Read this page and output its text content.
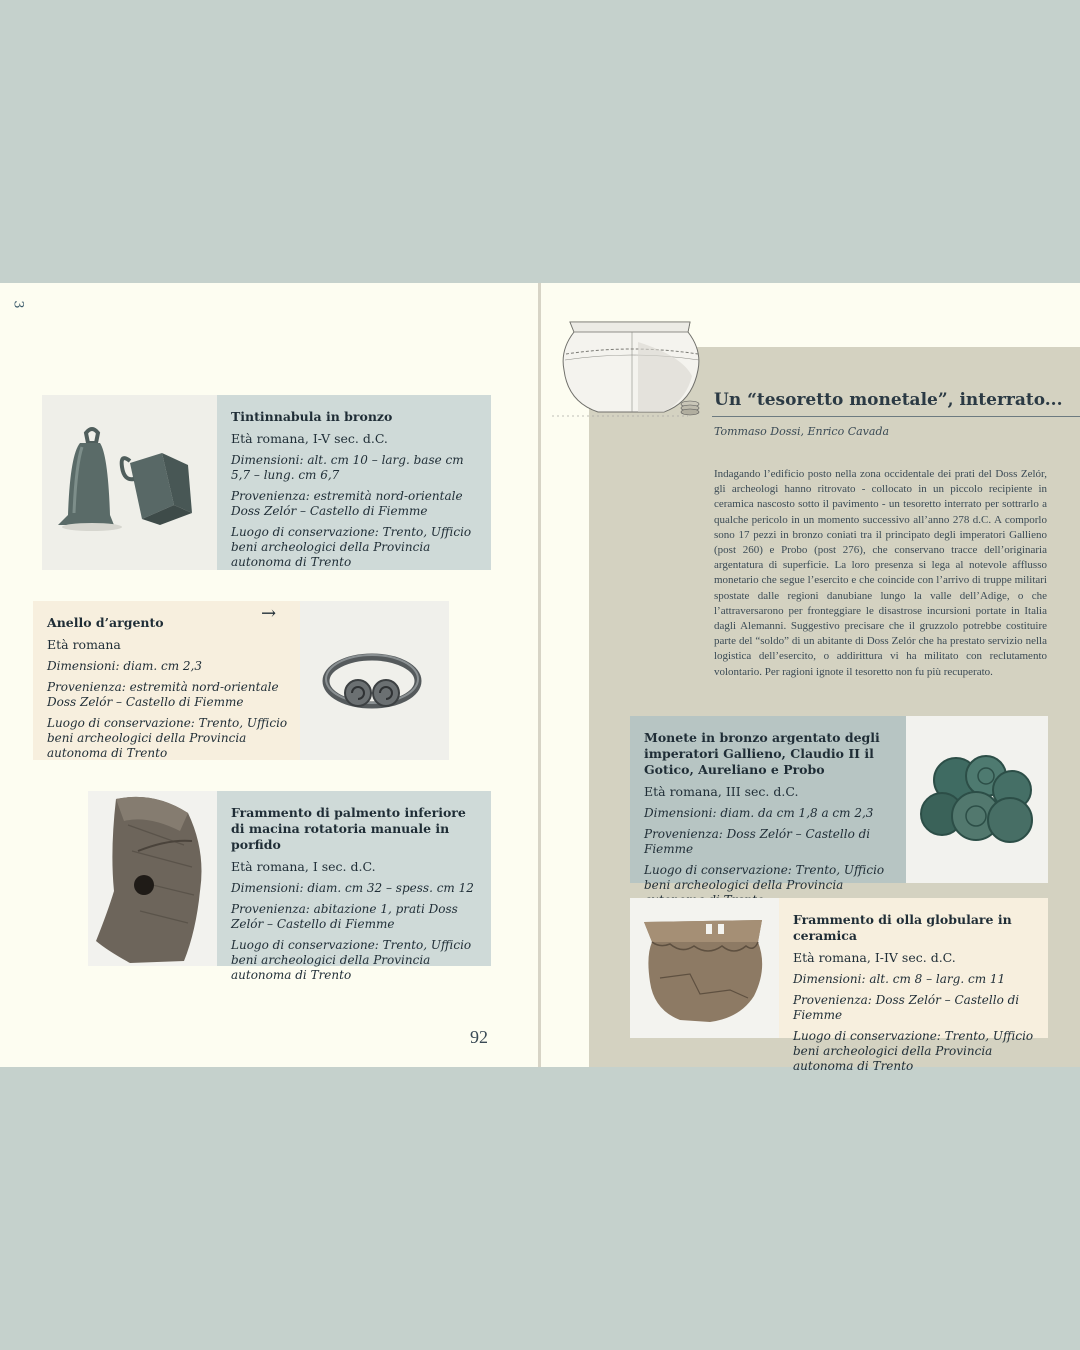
3
92
Un “tesoretto monetale”, interrato...
Tommaso Dossi, Enrico Cavada
Indagando l’edificio posto nella zona occidentale dei prati del Doss Zelór, gli archeologi hanno ritrovato - collocato in un piccolo recipiente in ceramica nascosto sotto il pavimento - un tesoretto interrato per sottrarlo a qualche pericolo in un momento successivo all’anno 278 d.C. A comporlo sono 17 pezzi in bronzo coniati tra il principato degli imperatori Gallieno (post 260) e Probo (post 276), che conservano tracce dell’originaria argentatura di superficie. La loro presenza si lega al notevole afflusso monetario che segue l’esercito e che coincide con l’arrivo di truppe militari spostate dalle regioni danubiane lungo la valle dell’Adige, o che l’attraversarono per fronteggiare le disastrose incursioni portate in Italia dagli Alemanni. Suggestivo precisare che il gruzzolo potrebbe costituire parte del “soldo” di un abitante di Doss Zelór che ha prestato servizio nella logistica dell’esercito, o addirittura vi ha militato con reclutamento volontario. Per ragioni ignote il tesoretto non fu più recuperato.
Tintinnabula in bronzo
Età romana, I-V sec. d.C.
Dimensioni: alt. cm 10 – larg. base cm 5,7 – lung. cm 6,7
Provenienza: estremità nord-orientale Doss Zelór – Castello di Fiemme
Luogo di conservazione: Trento, Ufficio beni archeologici della Provincia autonoma di Trento
Anello d’argento
Età romana
Dimensioni: diam. cm 2,3
Provenienza: estremità nord-orientale Doss Zelór – Castello di Fiemme
Luogo di conservazione: Trento, Ufficio beni archeologici della Provincia autonoma di Trento
→
Frammento di palmento inferiore di macina rotatoria manuale in porfido
Età romana, I sec. d.C.
Dimensioni: diam. cm 32 – spess. cm 12
Provenienza: abitazione 1, prati Doss Zelór – Castello di Fiemme
Luogo di conservazione: Trento, Ufficio beni archeologici della Provincia autonoma di Trento
Monete in bronzo argentato degli imperatori Gallieno, Claudio II il Gotico, Aureliano e Probo
Età romana, III sec. d.C.
Dimensioni: diam. da cm 1,8 a cm 2,3
Provenienza: Doss Zelór – Castello di Fiemme
Luogo di conservazione: Trento, Ufficio beni archeologici della Provincia
Frammento di olla globulare in ceramica
Età romana, I-IV sec. d.C.
Dimensioni: alt. cm 8 – larg. cm 11
Provenienza: Doss Zelór – Castello di Fiemme
Luogo di conservazione: Trento, Ufficio beni archeologici della Provincia autonoma di Trento
